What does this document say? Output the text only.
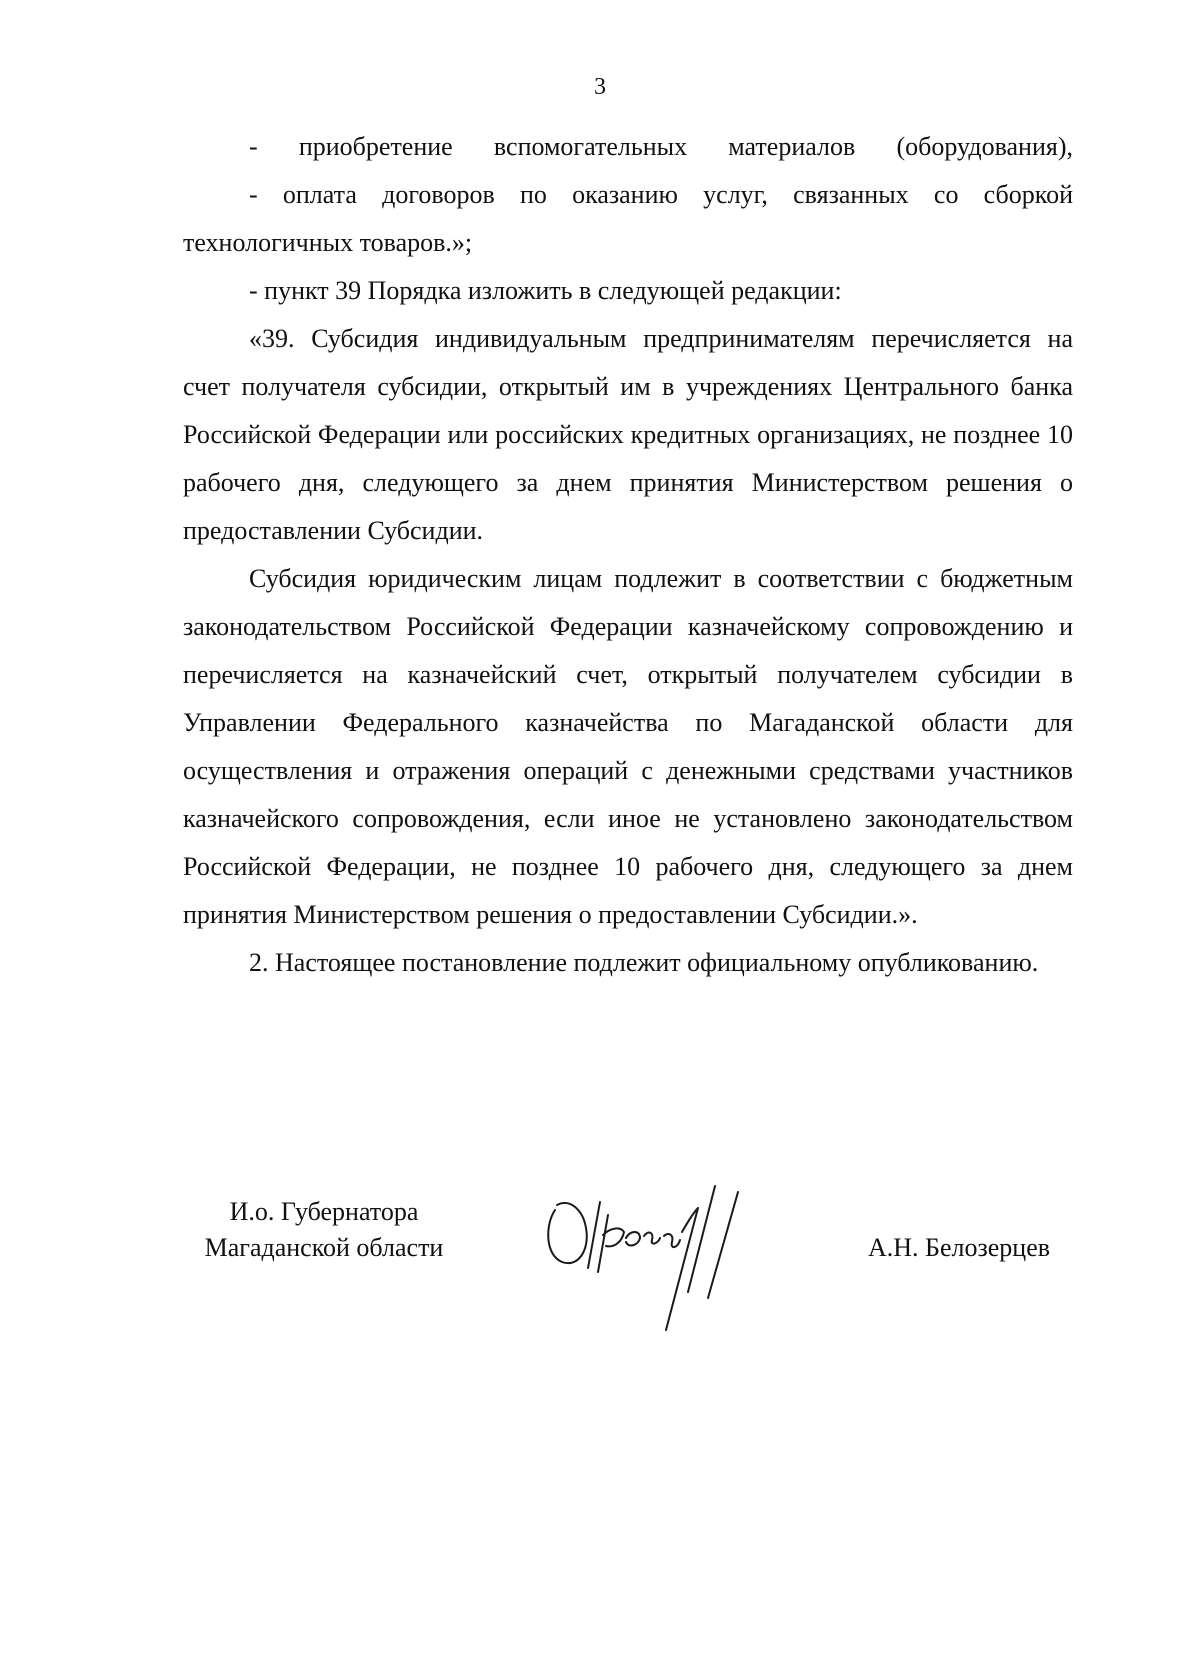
3

- приобретение вспомогательных материалов (оборудования),

- оплата договоров по оказанию услуг, связанных со сборкой технологичных товаров.»;

- пункт 39 Порядка изложить в следующей редакции:

«39. Субсидия индивидуальным предпринимателям перечисляется на счет получателя субсидии, открытый им в учреждениях Центрального банка Российской Федерации или российских кредитных организациях, не позднее 10 рабочего дня, следующего за днем принятия Министерством решения о предоставлении Субсидии.

Субсидия юридическим лицам подлежит в соответствии с бюджетным законодательством Российской Федерации казначейскому сопровождению и перечисляется на казначейский счет, открытый получателем субсидии в Управлении Федерального казначейства по Магаданской области для осуществления и отражения операций с денежными средствами участников казначейского сопровождения, если иное не установлено законодательством Российской Федерации, не позднее 10 рабочего дня, следующего за днем принятия Министерством решения о предоставлении Субсидии.».

2. Настоящее постановление подлежит официальному опубликованию.

И.о. Губернатора
Магаданской области	А.Н. Белозерцев
